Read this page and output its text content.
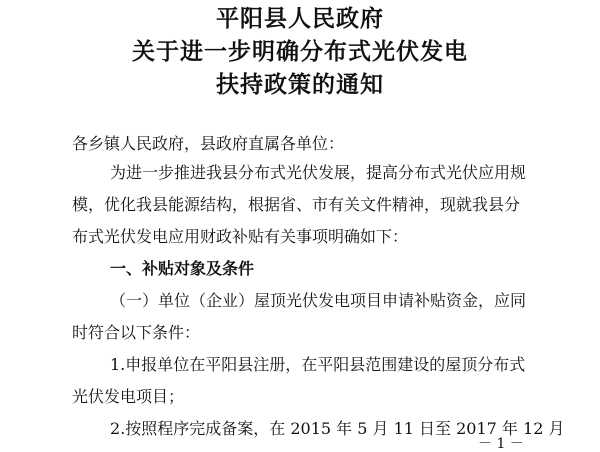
平阳县人民政府
关于进一步明确分布式光伏发电
扶持政策的通知
各乡镇人民政府，县政府直属各单位：
为进一步推进我县分布式光伏发展，提高分布式光伏应用规
模，优化我县能源结构，根据省、市有关文件精神，现就我县分
布式光伏发电应用财政补贴有关事项明确如下：
一、补贴对象及条件
（一）单位（企业）屋顶光伏发电项目申请补贴资金，应同
时符合以下条件：
1.申报单位在平阳县注册，在平阳县范围建设的屋顶分布式
光伏发电项目；
2.按照程序完成备案，在 2015 年 5 月 11 日至 2017 年 12 月
－ 1 －
